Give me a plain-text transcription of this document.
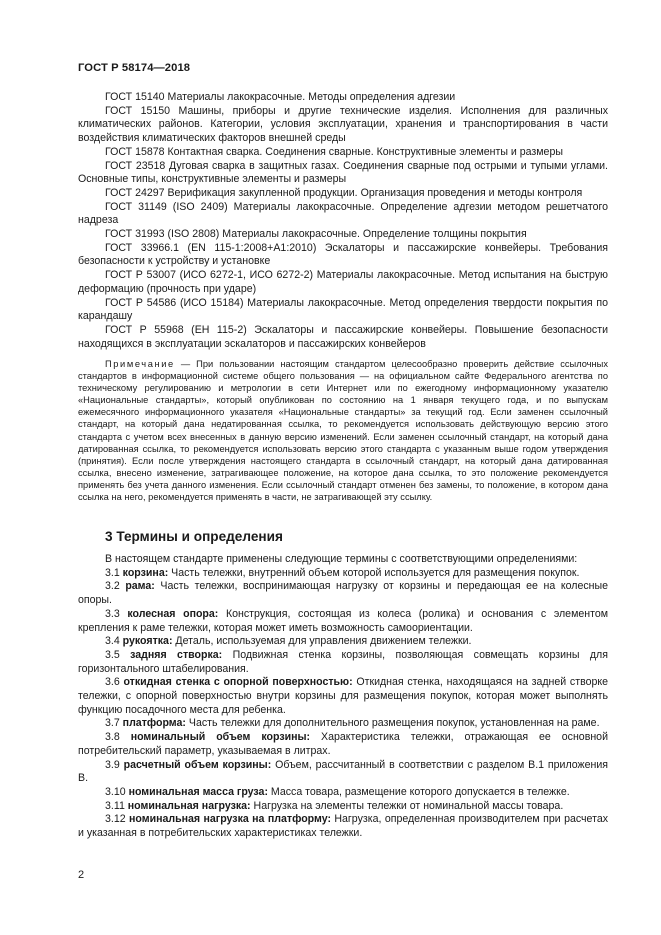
ГОСТ Р 58174—2018

ГОСТ 15140 Материалы лакокрасочные. Методы определения адгезии

ГОСТ 15150 Машины, приборы и другие технические изделия. Исполнения для различных климатических районов. Категории, условия эксплуатации, хранения и транспортирования в части воздействия климатических факторов внешней среды

ГОСТ 15878 Контактная сварка. Соединения сварные. Конструктивные элементы и размеры

ГОСТ 23518 Дуговая сварка в защитных газах. Соединения сварные под острыми и тупыми углами. Основные типы, конструктивные элементы и размеры

ГОСТ 24297 Верификация закупленной продукции. Организация проведения и методы контроля

ГОСТ 31149 (ISO 2409) Материалы лакокрасочные. Определение адгезии методом решетчатого надреза

ГОСТ 31993 (ISO 2808) Материалы лакокрасочные. Определение толщины покрытия

ГОСТ 33966.1 (EN 115-1:2008+A1:2010) Эскалаторы и пассажирские конвейеры. Требования безопасности к устройству и установке

ГОСТ Р 53007 (ИСО 6272-1, ИСО 6272-2) Материалы лакокрасочные. Метод испытания на быструю деформацию (прочность при ударе)

ГОСТ Р 54586 (ИСО 15184) Материалы лакокрасочные. Метод определения твердости покрытия по карандашу

ГОСТ Р 55968 (ЕН 115-2) Эскалаторы и пассажирские конвейеры. Повышение безопасности находящихся в эксплуатации эскалаторов и пассажирских конвейеров

Примечание — При пользовании настоящим стандартом целесообразно проверить действие ссылочных стандартов в информационной системе общего пользования — на официальном сайте Федерального агентства по техническому регулированию и метрологии в сети Интернет или по ежегодному информационному указателю «Национальные стандарты», который опубликован по состоянию на 1 января текущего года, и по выпускам ежемесячного информационного указателя «Национальные стандарты» за текущий год. Если заменен ссылочный стандарт, на который дана недатированная ссылка, то рекомендуется использовать действующую версию этого стандарта с учетом всех внесенных в данную версию изменений. Если заменен ссылочный стандарт, на который дана датированная ссылка, то рекомендуется использовать версию этого стандарта с указанным выше годом утверждения (принятия). Если после утверждения настоящего стандарта в ссылочный стандарт, на который дана датированная ссылка, внесено изменение, затрагивающее положение, на которое дана ссылка, то это положение рекомендуется применять без учета данного изменения. Если ссылочный стандарт отменен без замены, то положение, в котором дана ссылка на него, рекомендуется применять в части, не затрагивающей эту ссылку.

3 Термины и определения

В настоящем стандарте применены следующие термины с соответствующими определениями:

3.1 корзина: Часть тележки, внутренний объем которой используется для размещения покупок.

3.2 рама: Часть тележки, воспринимающая нагрузку от корзины и передающая ее на колесные опоры.

3.3 колесная опора: Конструкция, состоящая из колеса (ролика) и основания с элементом крепления к раме тележки, которая может иметь возможность самоориентации.

3.4 рукоятка: Деталь, используемая для управления движением тележки.

3.5 задняя створка: Подвижная стенка корзины, позволяющая совмещать корзины для горизонтального штабелирования.

3.6 откидная стенка с опорной поверхностью: Откидная стенка, находящаяся на задней створке тележки, с опорной поверхностью внутри корзины для размещения покупок, которая может выполнять функцию посадочного места для ребенка.

3.7 платформа: Часть тележки для дополнительного размещения покупок, установленная на раме.

3.8 номинальный объем корзины: Характеристика тележки, отражающая ее основной потребительский параметр, указываемая в литрах.

3.9 расчетный объем корзины: Объем, рассчитанный в соответствии с разделом В.1 приложения В.

3.10 номинальная масса груза: Масса товара, размещение которого допускается в тележке.

3.11 номинальная нагрузка: Нагрузка на элементы тележки от номинальной массы товара.

3.12 номинальная нагрузка на платформу: Нагрузка, определенная производителем при расчетах и указанная в потребительских характеристиках тележки.

2
